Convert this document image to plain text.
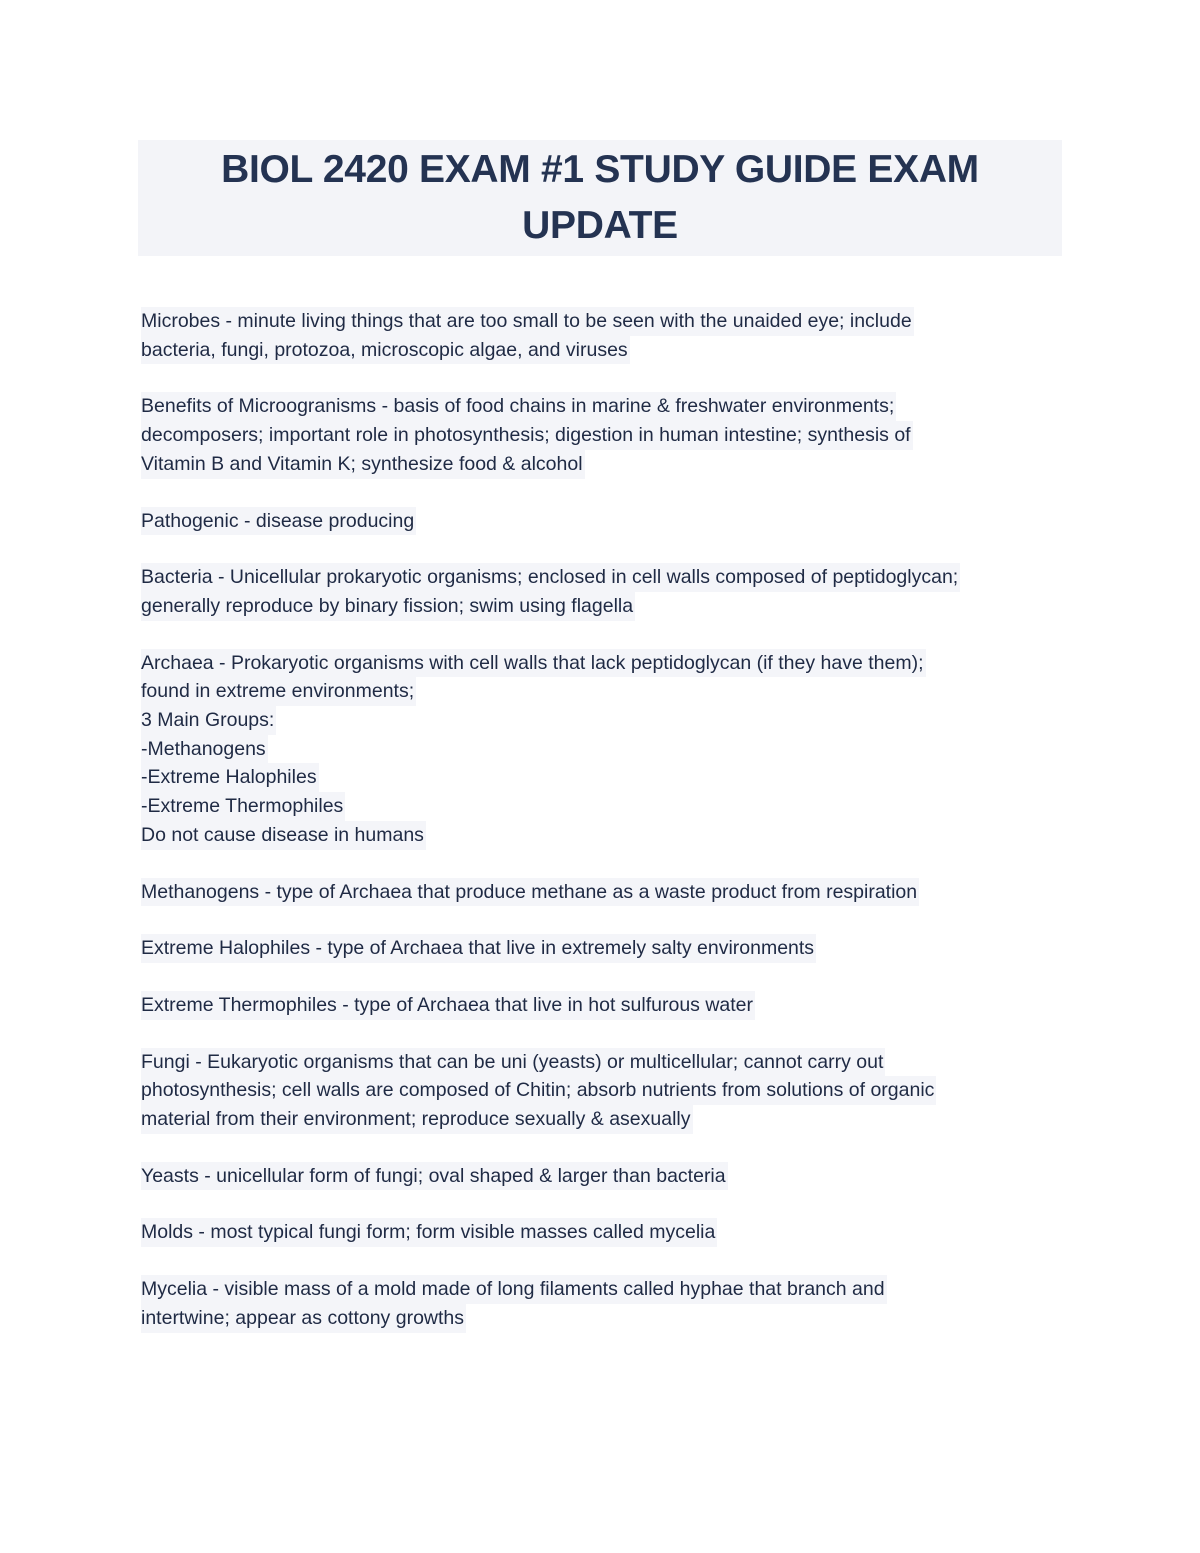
BIOL 2420 EXAM #1 STUDY GUIDE EXAM
UPDATE
Microbes - minute living things that are too small to be seen with the unaided eye; include
bacteria, fungi, protozoa, microscopic algae, and viruses
Benefits of Microogranisms - basis of food chains in marine & freshwater environments;
decomposers; important role in photosynthesis; digestion in human intestine; synthesis of
Vitamin B and Vitamin K; synthesize food & alcohol
Pathogenic - disease producing
Bacteria - Unicellular prokaryotic organisms; enclosed in cell walls composed of peptidoglycan;
generally reproduce by binary fission; swim using flagella
Archaea - Prokaryotic organisms with cell walls that lack peptidoglycan (if they have them);
found in extreme environments;
3 Main Groups:
-Methanogens
-Extreme Halophiles
-Extreme Thermophiles
Do not cause disease in humans
Methanogens - type of Archaea that produce methane as a waste product from respiration
Extreme Halophiles - type of Archaea that live in extremely salty environments
Extreme Thermophiles - type of Archaea that live in hot sulfurous water
Fungi - Eukaryotic organisms that can be uni (yeasts) or multicellular; cannot carry out
photosynthesis; cell walls are composed of Chitin; absorb nutrients from solutions of organic
material from their environment; reproduce sexually & asexually
Yeasts - unicellular form of fungi; oval shaped & larger than bacteria
Molds - most typical fungi form; form visible masses called mycelia
Mycelia - visible mass of a mold made of long filaments called hyphae that branch and
intertwine; appear as cottony growths
